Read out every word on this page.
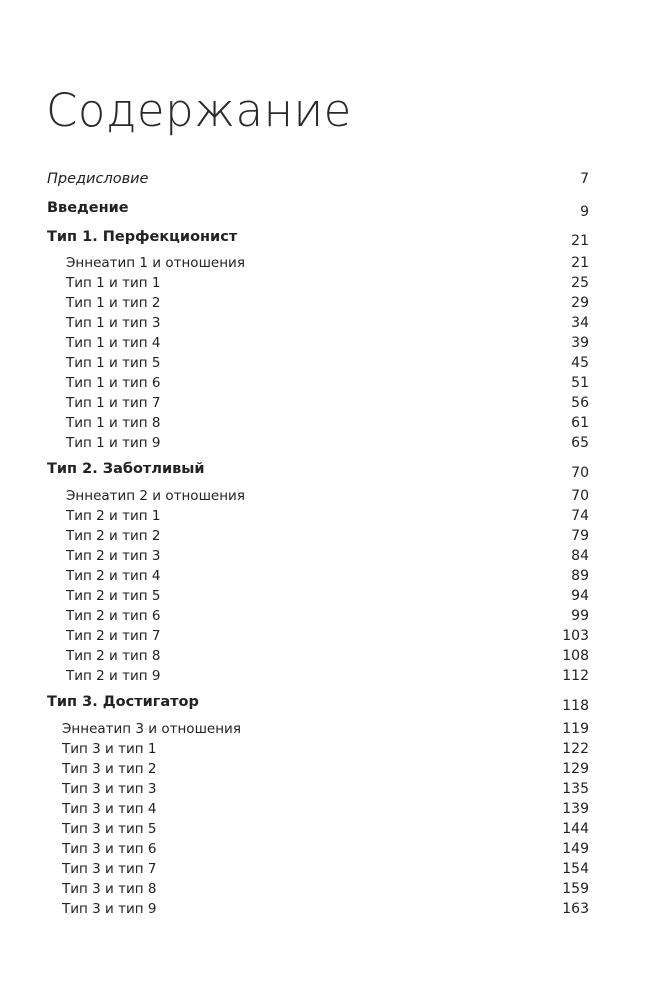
Содержание
Предисловие	7
Введение	9
Тип 1. Перфекционист	21
Эннеатип 1 и отношения	21
Тип 1 и тип 1	25
Тип 1 и тип 2	29
Тип 1 и тип 3	34
Тип 1 и тип 4	39
Тип 1 и тип 5	45
Тип 1 и тип 6	51
Тип 1 и тип 7	56
Тип 1 и тип 8	61
Тип 1 и тип 9	65
Тип 2. Заботливый	70
Эннеатип 2 и отношения	70
Тип 2 и тип 1	74
Тип 2 и тип 2	79
Тип 2 и тип 3	84
Тип 2 и тип 4	89
Тип 2 и тип 5	94
Тип 2 и тип 6	99
Тип 2 и тип 7	103
Тип 2 и тип 8	108
Тип 2 и тип 9	112
Тип 3. Достигатор	118
Эннеатип 3 и отношения	119
Тип 3 и тип 1	122
Тип 3 и тип 2	129
Тип 3 и тип 3	135
Тип 3 и тип 4	139
Тип 3 и тип 5	144
Тип 3 и тип 6	149
Тип 3 и тип 7	154
Тип 3 и тип 8	159
Тип 3 и тип 9	163
